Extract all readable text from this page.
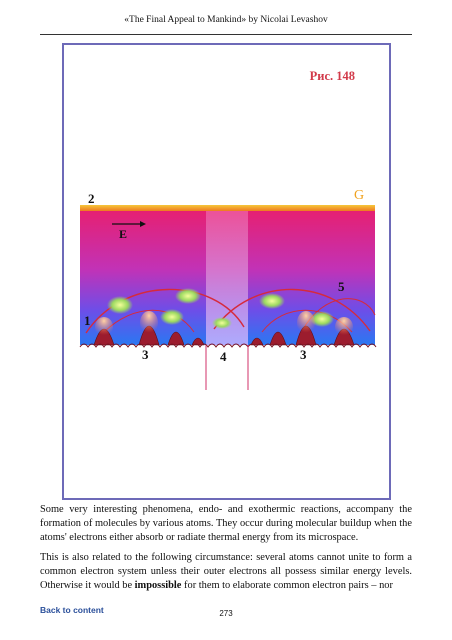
«The Final Appeal to Mankind» by Nicolai Levashov
Рис. 148
2	G
E
1
5
3	4	3

Some very interesting phenomena, endo- and exothermic reactions, accompany the formation of molecules by various atoms. They occur during molecular buildup when the atoms' electrons either absorb or radiate thermal energy from its microspace.

This is also related to the following circumstance: several atoms cannot unite to form a common electron system unless their outer electrons all possess similar energy levels. Otherwise it would be impossible for them to elaborate common electron pairs – nor

Back to content	273
